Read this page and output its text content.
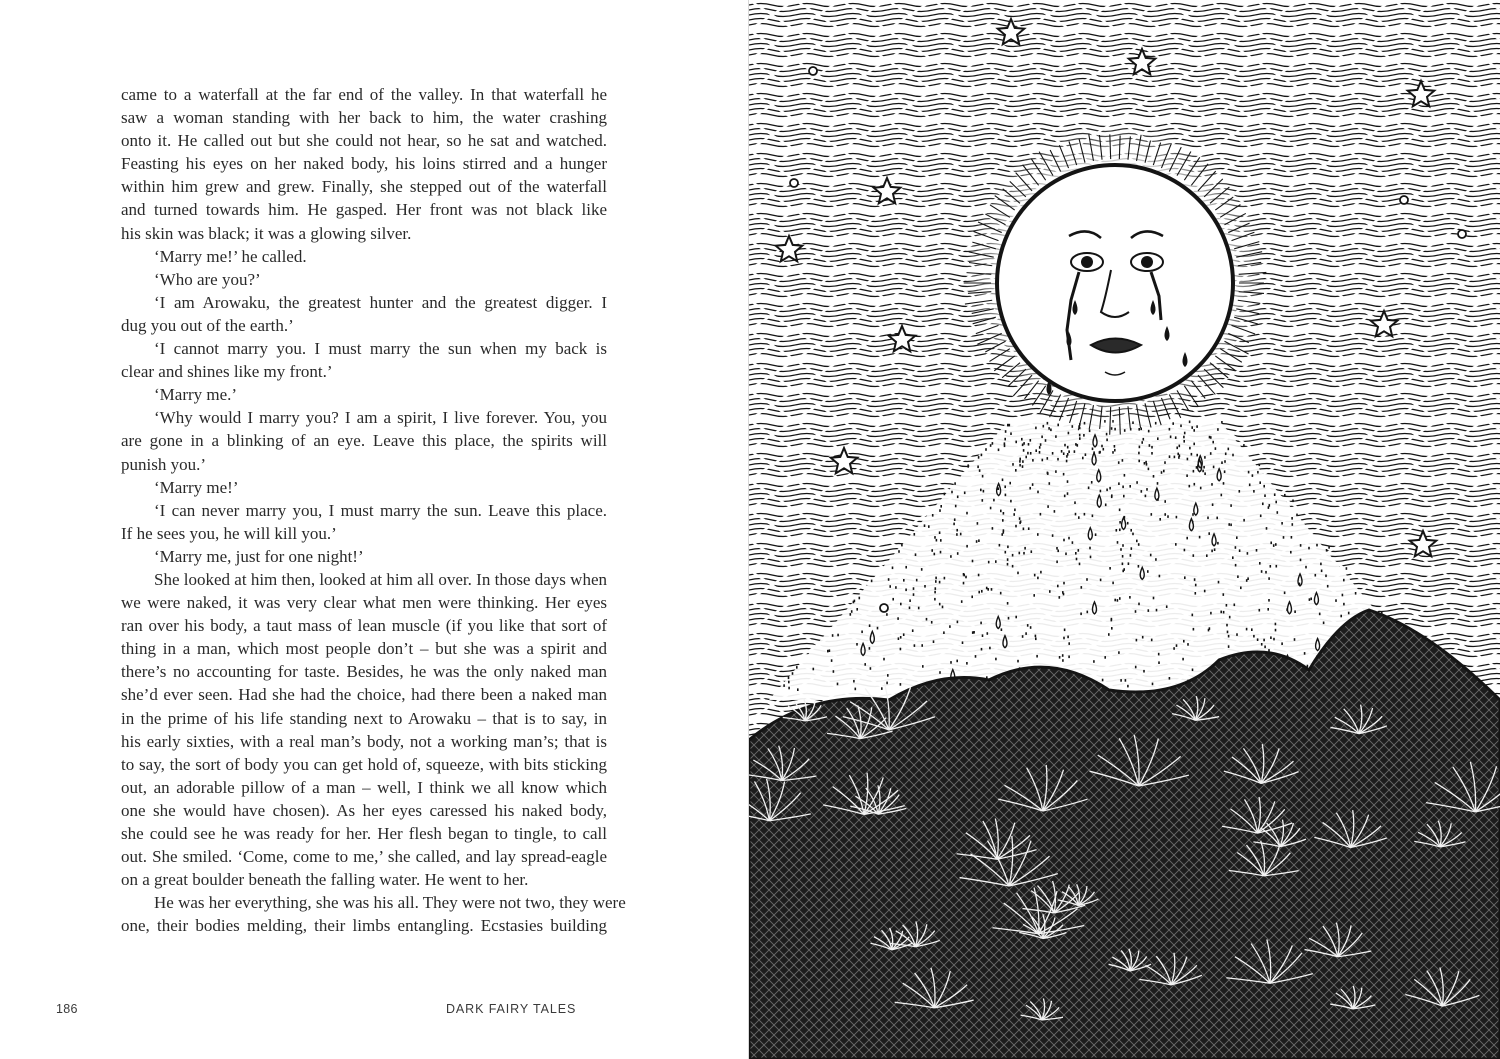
came to a waterfall at the far end of the valley. In that waterfall he
saw a woman standing with her back to him, the water crashing
onto it. He called out but she could not hear, so he sat and watched.
Feasting his eyes on her naked body, his loins stirred and a hunger
within him grew and grew. Finally, she stepped out of the waterfall
and turned towards him. He gasped. Her front was not black like
his skin was black; it was a glowing silver.
‘Marry me!’ he called.
‘Who are you?’
‘I am Arowaku, the greatest hunter and the greatest digger. I
dug you out of the earth.’
‘I cannot marry you. I must marry the sun when my back is
clear and shines like my front.’
‘Marry me.’
‘Why would I marry you? I am a spirit, I live forever. You, you
are gone in a blinking of an eye. Leave this place, the spirits will
punish you.’
‘Marry me!’
‘I can never marry you, I must marry the sun. Leave this place.
If he sees you, he will kill you.’
‘Marry me, just for one night!’
She looked at him then, looked at him all over. In those days when
we were naked, it was very clear what men were thinking. Her eyes
ran over his body, a taut mass of lean muscle (if you like that sort of
thing in a man, which most people don’t – but she was a spirit and
there’s no accounting for taste. Besides, he was the only naked man
she’d ever seen. Had she had the choice, had there been a naked man
in the prime of his life standing next to Arowaku – that is to say, in
his early sixties, with a real man’s body, not a working man’s; that is
to say, the sort of body you can get hold of, squeeze, with bits sticking
out, an adorable pillow of a man – well, I think we all know which
one she would have chosen). As her eyes caressed his naked body,
she could see he was ready for her. Her flesh began to tingle, to call
out. She smiled. ‘Come, come to me,’ she called, and lay spread-eagle
on a great boulder beneath the falling water. He went to her.
He was her everything, she was his all. They were not two, they were
one, their bodies melding, their limbs entangling. Ecstasies building
186	DARK FAIRY TALES
